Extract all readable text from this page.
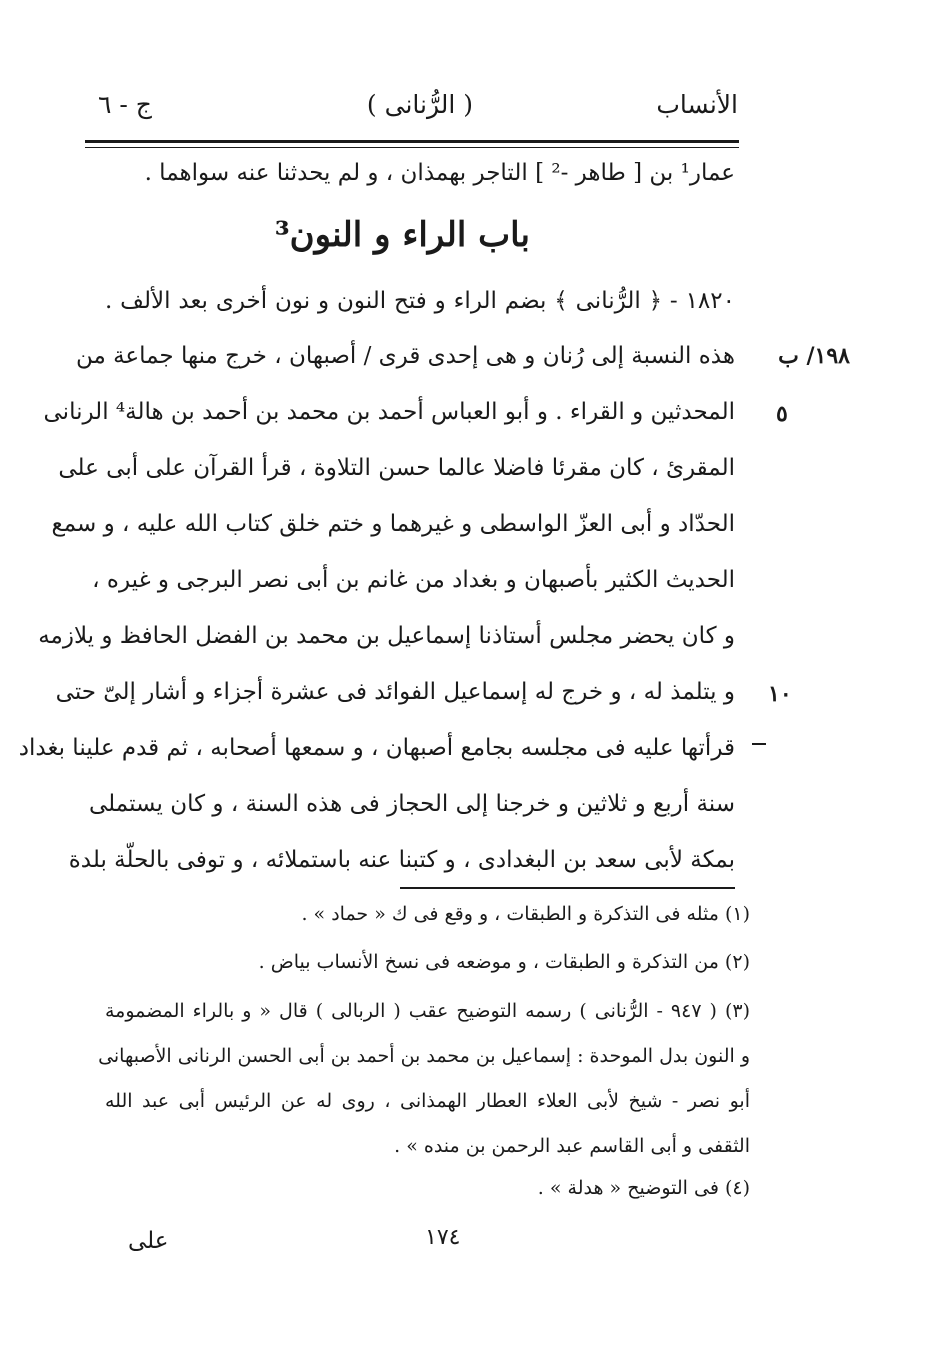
ج - ٦	( الرُّنانى )	الأنساب
عمار¹ بن [ طاهر -² ] التاجر بهمذان ، و لم يحدثنا عنه سواهما .
باب الراء و النون³
١٨٢٠ - ﴿ الرُّنانى ﴾ بضم الراء و فتح النون و نون أخرى بعد الألف .
هذه النسبة إلى رُنان و هى إحدى قرى / أصبهان ، خرج منها جماعة من
المحدثين و القراء . و أبو العباس أحمد بن محمد بن أحمد بن هالة⁴ الرنانى
المقرئ ، كان مقرئا فاضلا عالما حسن التلاوة ، قرأ القرآن على أبى على
الحدّاد و أبى العزّ الواسطى و غيرهما و ختم خلق كتاب الله عليه ، و سمع
الحديث الكثير بأصبهان و بغداد من غانم بن أبى نصر البرجى و غيره ،
و كان يحضر مجلس أستاذنا إسماعيل بن محمد بن الفضل الحافظ و يلازمه
و يتلمذ له ، و خرج له إسماعيل الفوائد فى عشرة أجزاء و أشار إلىّ حتى
قرأتها عليه فى مجلسه بجامع أصبهان ، و سمعها أصحابه ، ثم قدم علينا بغداد
سنة أربع و ثلاثين و خرجنا إلى الحجاز فى هذه السنة ، و كان يستملى
بمكة لأبى سعد بن البغدادى ، و كتبنا عنه باستملائه ، و توفى بالحلّة بلدة
١٩٨/ ب
٥
١٠
(١) مثله فى التذكرة و الطبقات ، و وقع فى ك « حماد » .
(٢) من التذكرة و الطبقات ، و موضعه فى نسخ الأنساب بياض .
(٣) ( ٩٤٧ - الرُّنانى ) رسمه التوضيح عقب ( الربالى ) قال « و بالراء المضمومة
و النون بدل الموحدة : إسماعيل بن محمد بن أحمد بن أبى الحسن الرنانى الأصبهانى
أبو نصر - شيخ لأبى العلاء العطار الهمذانى ، روى له عن الرئيس أبى عبد الله
الثقفى و أبى القاسم عبد الرحمن بن منده » .
(٤) فى التوضيح « هدلة » .
١٧٤
على
